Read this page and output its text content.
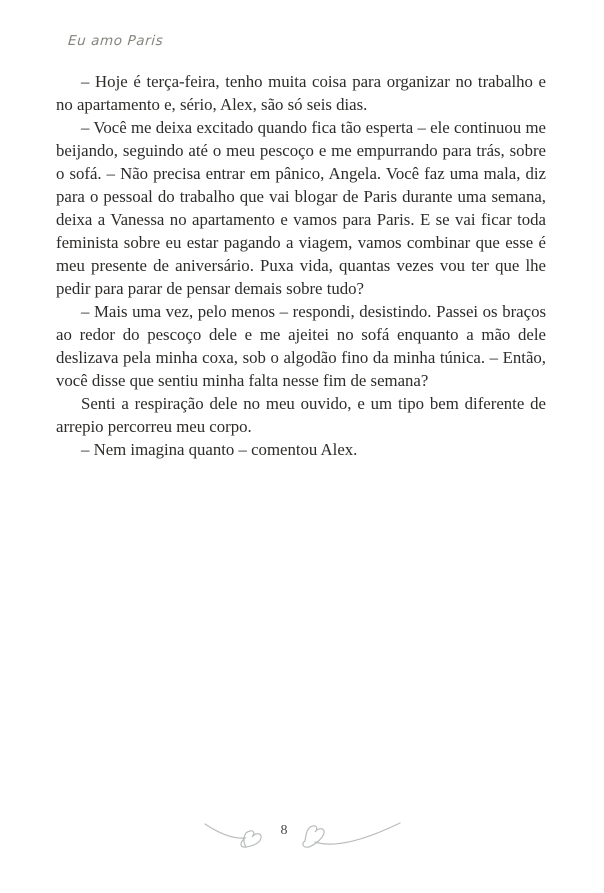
Eu amo Paris

– Hoje é terça-feira, tenho muita coisa para organizar no trabalho e no apartamento e, sério, Alex, são só seis dias.

– Você me deixa excitado quando fica tão esperta – ele continuou me beijando, seguindo até o meu pescoço e me empurrando para trás, sobre o sofá. – Não precisa entrar em pânico, Angela. Você faz uma mala, diz para o pessoal do trabalho que vai blogar de Paris durante uma semana, deixa a Vanessa no apartamento e vamos para Paris. E se vai ficar toda feminista sobre eu estar pagando a viagem, vamos combinar que esse é meu presente de aniversário. Puxa vida, quantas vezes vou ter que lhe pedir para parar de pensar demais sobre tudo?

– Mais uma vez, pelo menos – respondi, desistindo. Passei os braços ao redor do pescoço dele e me ajeitei no sofá enquanto a mão dele deslizava pela minha coxa, sob o algodão fino da minha túnica. – Então, você disse que sentiu minha falta nesse fim de semana?

Senti a respiração dele no meu ouvido, e um tipo bem diferente de arrepio percorreu meu corpo.

– Nem imagina quanto – comentou Alex.

8
